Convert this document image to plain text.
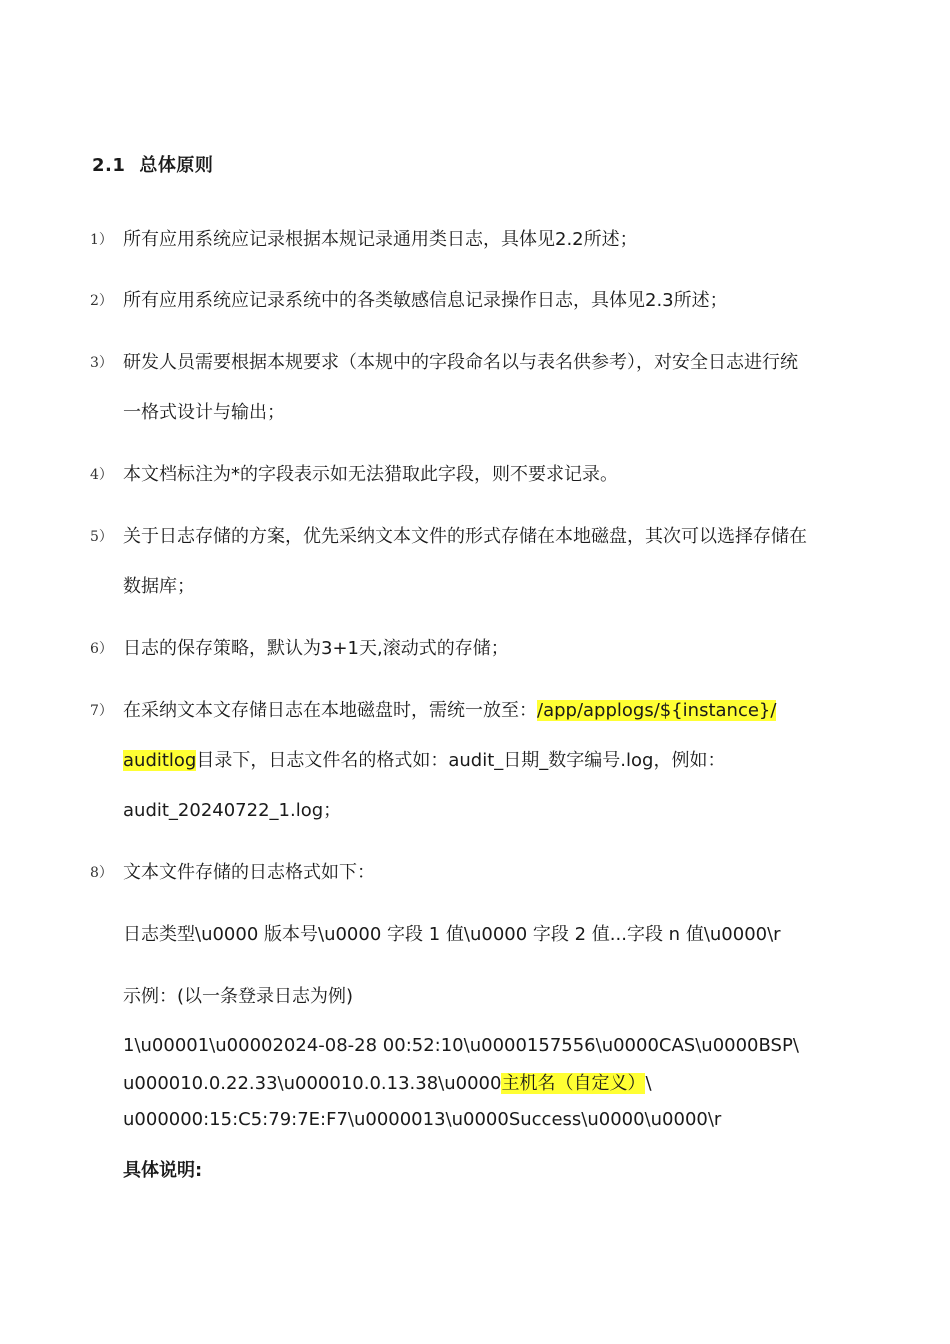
2.1 总体原则
1） 所有应用系统应记录根据本规记录通用类日志，具体见2.2所述；
2） 所有应用系统应记录系统中的各类敏感信息记录操作日志，具体见2.3所述；
3） 研发人员需要根据本规要求（本规中的字段命名以与表名供参考），对安全日志进行统
一格式设计与输出；
4） 本文档标注为*的字段表示如无法猎取此字段，则不要求记录。
5） 关于日志存储的方案，优先采纳文本文件的形式存储在本地磁盘，其次可以选择存储在
数据库；
6） 日志的保存策略，默认为3+1天,滚动式的存储；
7） 在采纳文本文存储日志在本地磁盘时，需统一放至：/app/applogs/${instance}/
auditlog目录下，日志文件名的格式如：audit_日期_数字编号.log，例如：
audit_20240722_1.log；
8） 文本文件存储的日志格式如下：
日志类型\u0000 版本号\u0000 字段 1 值\u0000 字段 2 值...字段 n 值\u0000\r
示例：(以一条登录日志为例)
1\u00001\u00002024-08-28 00:52:10\u0000157556\u0000CAS\u0000BSP\
u000010.0.22.33\u000010.0.13.38\u0000主机名（自定义）\
u000000:15:C5:79:7E:F7\u0000013\u0000Success\u0000\u0000\r
具体说明:
